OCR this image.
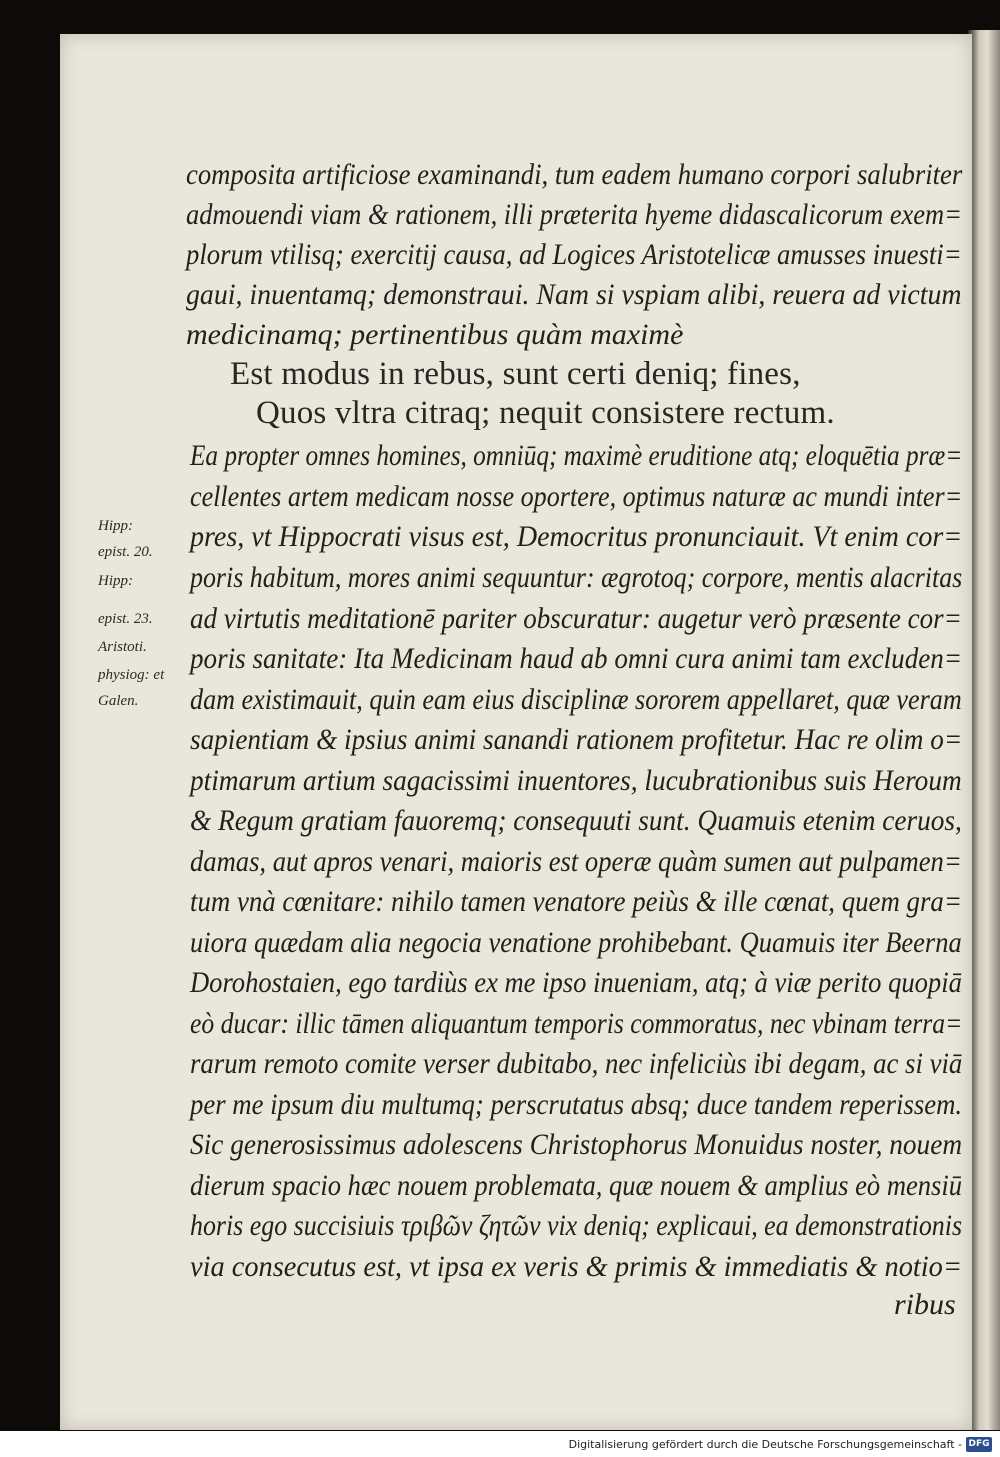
composita artificiose examinandi, tum eadem humano corpori salubriter
admouendi viam & rationem, illi præterita hyeme didascalicorum exem=
plorum vtilisq; exercitij causa, ad Logices Aristotelicæ amusses inuesti=
gaui, inuentamq; demonstraui. Nam si vspiam alibi, reuera ad victum
medicinamq; pertinentibus quàm maximè
Est modus in rebus, sunt certi deniq; fines,
Quos vltra citraq; nequit consistere rectum.
Ea propter omnes homines, omniūq; maximè eruditione atq; eloquētia præ=
cellentes artem medicam nosse oportere, optimus naturæ ac mundi inter=
pres, vt Hippocrati visus est, Democritus pronunciauit. Vt enim cor=
poris habitum, mores animi sequuntur: ægrotoq; corpore, mentis alacritas
ad virtutis meditationē pariter obscuratur: augetur verò præsente cor=
poris sanitate: Ita Medicinam haud ab omni cura animi tam excluden=
dam existimauit, quin eam eius disciplinæ sororem appellaret, quæ veram
sapientiam & ipsius animi sanandi rationem profitetur. Hac re olim o=
ptimarum artium sagacissimi inuentores, lucubrationibus suis Heroum
& Regum gratiam fauoremq; consequuti sunt. Quamuis etenim ceruos,
damas, aut apros venari, maioris est operæ quàm sumen aut pulpamen=
tum vnà cœnitare: nihilo tamen venatore peiùs & ille cœnat, quem gra=
uiora quædam alia negocia venatione prohibebant. Quamuis iter Beerna
Dorohostaien, ego tardiùs ex me ipso inueniam, atq; à viæ perito quopiā
eò ducar: illic tāmen aliquantum temporis commoratus, nec vbinam terra=
rarum remoto comite verser dubitabo, nec infeliciùs ibi degam, ac si viā
per me ipsum diu multumq; perscrutatus absq; duce tandem reperissem.
Sic generosissimus adolescens Christophorus Monuidus noster, nouem
dierum spacio hæc nouem problemata, quæ nouem & amplius eò mensiū
horis ego succisiuis τριβῶν ζητῶν vix deniq; explicaui, ea demonstrationis
via consecutus est, vt ipsa ex veris & primis & immediatis & notio=
ribus
Hipp:
epist. 20.
Hipp:
epist. 23.
Aristoti.
physiog: et
Galen.
Digitalisierung gefördert durch die Deutsche Forschungsgemeinschaft - DFG
